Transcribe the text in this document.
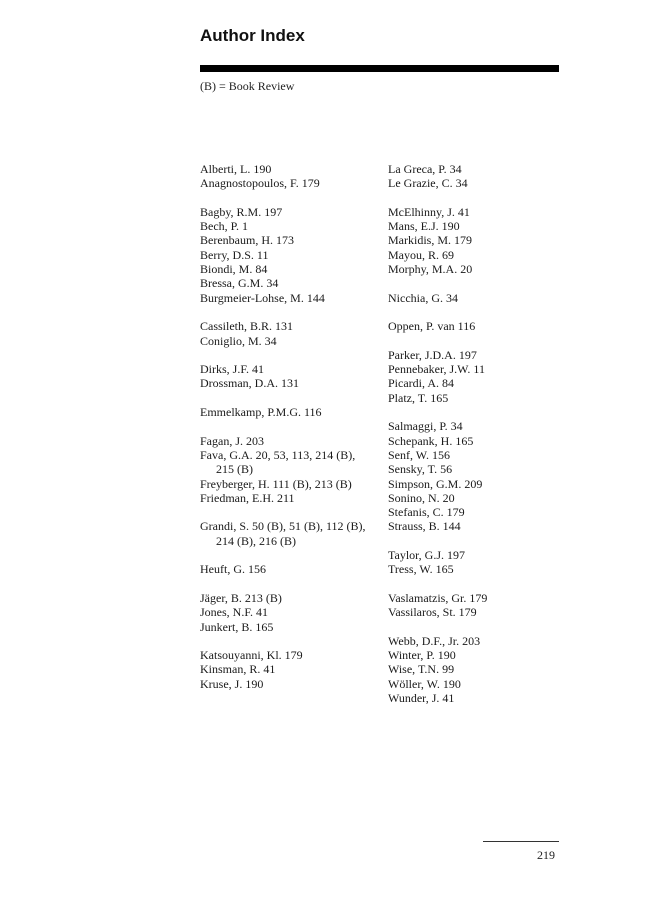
Author Index
(B) = Book Review
Alberti, L. 190
Anagnostopoulos, F. 179
Bagby, R.M. 197
Bech, P. 1
Berenbaum, H. 173
Berry, D.S. 11
Biondi, M. 84
Bressa, G.M. 34
Burgmeier-Lohse, M. 144
Cassileth, B.R. 131
Coniglio, M. 34
Dirks, J.F. 41
Drossman, D.A. 131
Emmelkamp, P.M.G. 116
Fagan, J. 203
Fava, G.A. 20, 53, 113, 214 (B),
215 (B)
Freyberger, H. 111 (B), 213 (B)
Friedman, E.H. 211
Grandi, S. 50 (B), 51 (B), 112 (B),
214 (B), 216 (B)
Heuft, G. 156
Jäger, B. 213 (B)
Jones, N.F. 41
Junkert, B. 165
Katsouyanni, Kl. 179
Kinsman, R. 41
Kruse, J. 190
La Greca, P. 34
Le Grazie, C. 34
McElhinny, J. 41
Mans, E.J. 190
Markidis, M. 179
Mayou, R. 69
Morphy, M.A. 20
Nicchia, G. 34
Oppen, P. van 116
Parker, J.D.A. 197
Pennebaker, J.W. 11
Picardi, A. 84
Platz, T. 165
Salmaggi, P. 34
Schepank, H. 165
Senf, W. 156
Sensky, T. 56
Simpson, G.M. 209
Sonino, N. 20
Stefanis, C. 179
Strauss, B. 144
Taylor, G.J. 197
Tress, W. 165
Vaslamatzis, Gr. 179
Vassilaros, St. 179
Webb, D.F., Jr. 203
Winter, P. 190
Wise, T.N. 99
Wöller, W. 190
Wunder, J. 41
219
